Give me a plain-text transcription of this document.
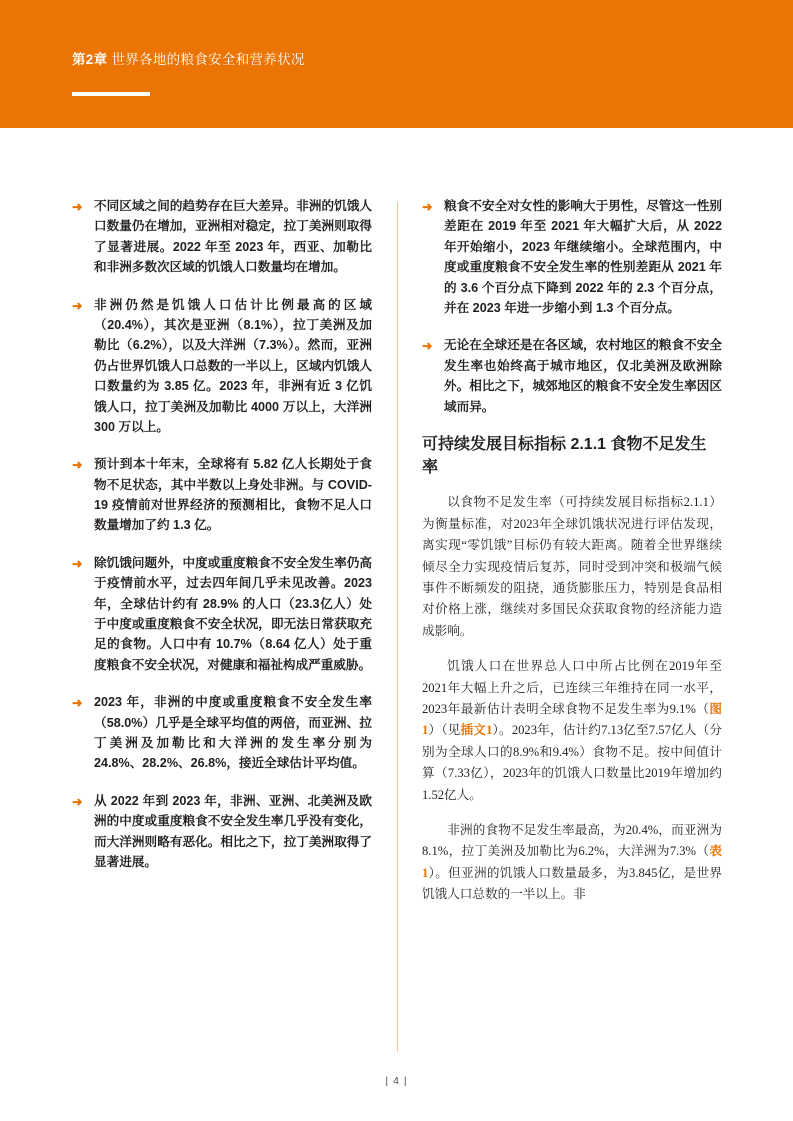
第2章 世界各地的粮食安全和营养状况
➜ 不同区域之间的趋势存在巨大差异。非洲的饥饿人口数量仍在增加，亚洲相对稳定，拉丁美洲则取得了显著进展。2022 年至 2023 年，西亚、加勒比和非洲多数次区域的饥饿人口数量均在增加。
➜ 非洲仍然是饥饿人口估计比例最高的区域（20.4%），其次是亚洲（8.1%），拉丁美洲及加勒比（6.2%），以及大洋洲（7.3%）。然而，亚洲仍占世界饥饿人口总数的一半以上，区域内饥饿人口数量约为 3.85 亿。2023 年，非洲有近 3 亿饥饿人口，拉丁美洲及加勒比 4000 万以上，大洋洲 300 万以上。
➜ 预计到本十年末，全球将有 5.82 亿人长期处于食物不足状态，其中半数以上身处非洲。与 COVID-19 疫情前对世界经济的预测相比，食物不足人口数量增加了约 1.3 亿。
➜ 除饥饿问题外，中度或重度粮食不安全发生率仍高于疫情前水平，过去四年间几乎未见改善。2023 年，全球估计约有 28.9% 的人口（23.3亿人）处于中度或重度粮食不安全状况，即无法日常获取充足的食物。人口中有 10.7%（8.64 亿人）处于重度粮食不安全状况，对健康和福祉构成严重威胁。
➜ 2023 年，非洲的中度或重度粮食不安全发生率（58.0%）几乎是全球平均值的两倍，而亚洲、拉丁美洲及加勒比和大洋洲的发生率分别为 24.8%、28.2%、26.8%，接近全球估计平均值。
➜ 从 2022 年到 2023 年，非洲、亚洲、北美洲及欧洲的中度或重度粮食不安全发生率几乎没有变化，而大洋洲则略有恶化。相比之下，拉丁美洲取得了显著进展。
➜ 粮食不安全对女性的影响大于男性，尽管这一性别差距在 2019 年至 2021 年大幅扩大后，从 2022 年开始缩小，2023 年继续缩小。全球范围内，中度或重度粮食不安全发生率的性别差距从 2021 年的 3.6 个百分点下降到 2022 年的 2.3 个百分点，并在 2023 年进一步缩小到 1.3 个百分点。
➜ 无论在全球还是在各区域，农村地区的粮食不安全发生率也始终高于城市地区，仅北美洲及欧洲除外。相比之下，城郊地区的粮食不安全发生率因区域而异。
可持续发展目标指标 2.1.1 食物不足发生率
以食物不足发生率（可持续发展目标指标2.1.1）为衡量标准，对2023年全球饥饿状况进行评估发现，离实现“零饥饿”目标仍有较大距离。随着全世界继续倾尽全力实现疫情后复苏，同时受到冲突和极端气候事件不断频发的阻挠，通货膨胀压力，特别是食品相对价格上涨，继续对多国民众获取食物的经济能力造成影响。
饥饿人口在世界总人口中所占比例在2019年至2021年大幅上升之后，已连续三年维持在同一水平，2023年最新估计表明全球食物不足发生率为9.1%（图1）（见插文1）。2023年，估计约7.13亿至7.57亿人（分别为全球人口的8.9%和9.4%）食物不足。按中间值计算（7.33亿），2023年的饥饿人口数量比2019年增加约1.52亿人。
非洲的食物不足发生率最高，为20.4%，而亚洲为8.1%，拉丁美洲及加勒比为6.2%，大洋洲为7.3%（表1）。但亚洲的饥饿人口数量最多，为3.845亿，是世界饥饿人口总数的一半以上。非
| 4 |
